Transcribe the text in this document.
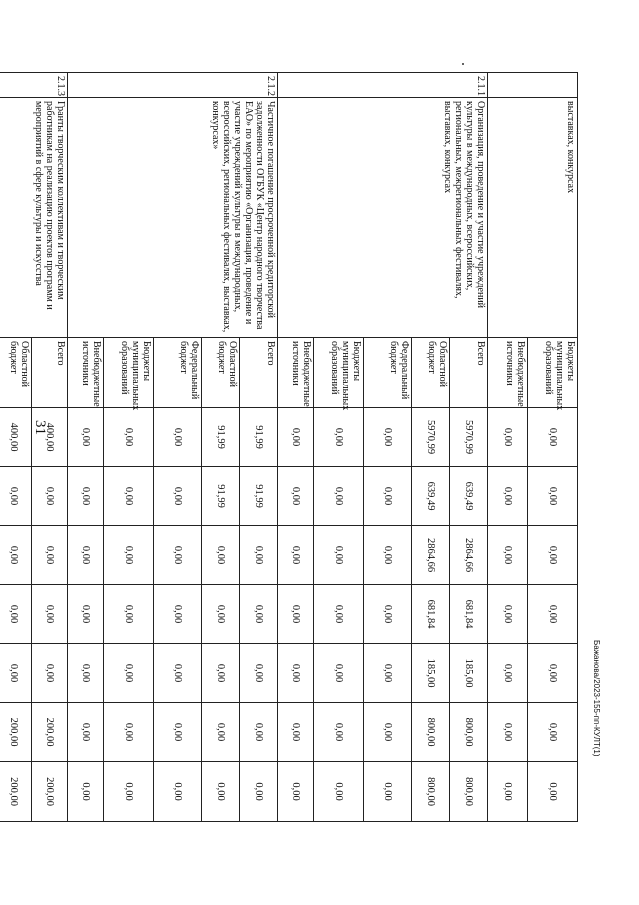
31
Бажанова/2023-155-пп-КУЛТ(1)
	выставках, конкурсах	Бюджеты муниципальных образований	0,00	0,00	0,00	0,00	0,00	0,00	0,00
		Внебюджетные источники	0,00	0,00	0,00	0,00	0,00	0,00	0,00
2.1.1	Организация, проведение и участие учреждений культуры в международных, всероссийских, региональных, межрегиональных фестивалях, выставках, конкурсах	Всего	5970,99	639,49	2864,66	681,84	185,00	800,00	800,00
		Областной бюджет	5970,99	639,49	2864,66	681,84	185,00	800,00	800,00
		Федеральный бюджет	0,00	0,00	0,00	0,00	0,00	0,00	0,00
		Бюджеты муниципальных образований	0,00	0,00	0,00	0,00	0,00	0,00	0,00
		Внебюджетные источники	0,00	0,00	0,00	0,00	0,00	0,00	0,00
2.1.2	Частичное погашение просроченной кредиторской задолженности ОГБУК «Центр народного творчества ЕАО» по мероприятию «Организация, проведение и участие учреждений культуры в международных, всероссийских, региональных фестивалях, выставках, конкурсах»	Всего	91,99	91,99	0,00	0,00	0,00	0,00	0,00
		Областной бюджет	91,99	91,99	0,00	0,00	0,00	0,00	0,00
		Федеральный бюджет	0,00	0,00	0,00	0,00	0,00	0,00	0,00
		Бюджеты муниципальных образований	0,00	0,00	0,00	0,00	0,00	0,00	0,00
		Внебюджетные источники	0,00	0,00	0,00	0,00	0,00	0,00	0,00
2.1.3	Гранты творческим коллективам и творческим работникам на реализацию проектов программ и мероприятий в сфере культуры и искусства	Всего	400,00	0,00	0,00	0,00	0,00	200,00	200,00
		Областной бюджет	400,00	0,00	0,00	0,00	0,00	200,00	200,00
